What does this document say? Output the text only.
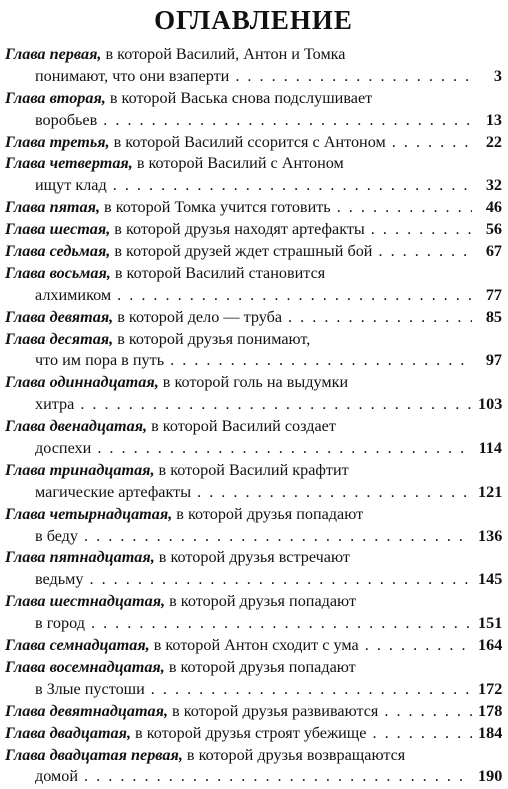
ОГЛАВЛЕНИЕ
Глава первая, в которой Василий, Антон и Томка
понимают, что они взаперти . . .	3
Глава вторая, в которой Васька снова подслушивает
воробьев . . .	13
Глава третья, в которой Василий ссорится с Антоном . . .	22
Глава четвертая, в которой Василий с Антоном
ищут клад . . .	32
Глава пятая, в которой Томка учится готовить . . .	46
Глава шестая, в которой друзья находят артефакты . . .	56
Глава седьмая, в которой друзей ждет страшный бой . . .	67
Глава восьмая, в которой Василий становится
алхимиком . . .	77
Глава девятая, в которой дело — труба . . .	85
Глава десятая, в которой друзья понимают,
что им пора в путь . . .	97
Глава одиннадцатая, в которой голь на выдумки
хитра . . .	103
Глава двенадцатая, в которой Василий создает
доспехи . . .	114
Глава тринадцатая, в которой Василий крафтит
магические артефакты . . .	121
Глава четырнадцатая, в которой друзья попадают
в беду . . .	136
Глава пятнадцатая, в которой друзья встречают
ведьму . . .	145
Глава шестнадцатая, в которой друзья попадают
в город . . .	151
Глава семнадцатая, в которой Антон сходит с ума . . .	164
Глава восемнадцатая, в которой друзья попадают
в Злые пустоши . . .	172
Глава девятнадцатая, в которой друзья развиваются . . .	178
Глава двадцатая, в которой друзья строят убежище . . .	184
Глава двадцатая первая, в которой друзья возвращаются
домой . . .	190
